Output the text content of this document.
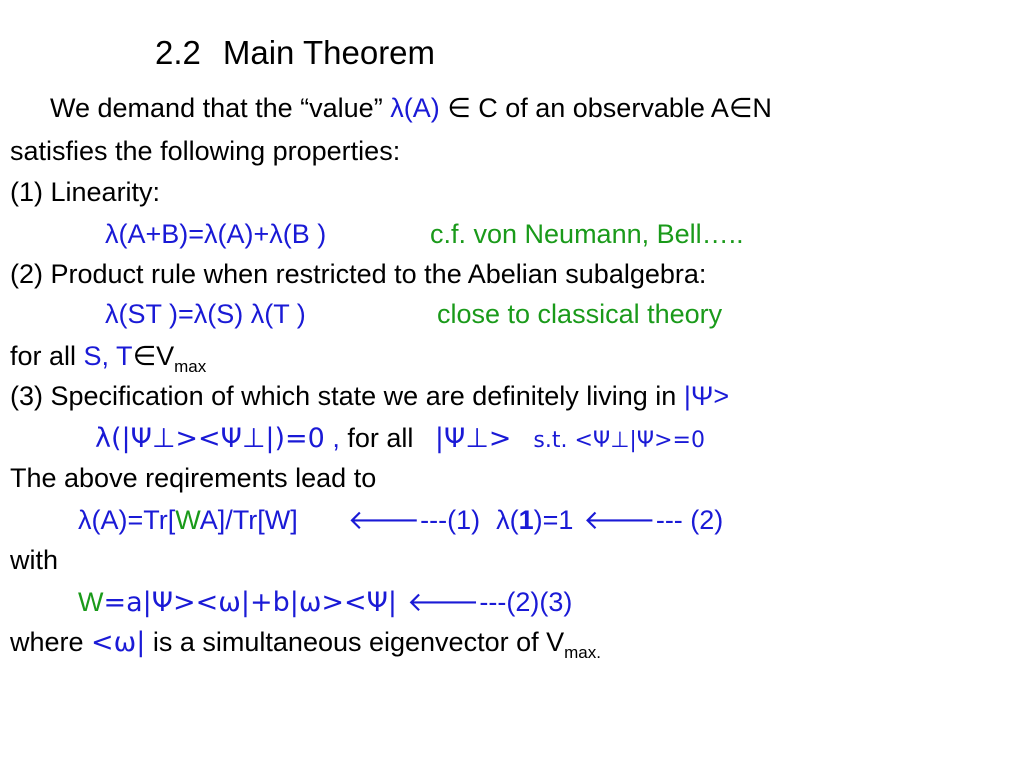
2.2 Main Theorem
We demand that the “value” λ(A) ∈ C of an observable A∈N
satisfies the following properties:
(1) Linearity:
λ(A+B)=λ(A)+λ(B )	c.f. von Neumann, Bell…..
(2) Product rule when restricted to the Abelian subalgebra:
λ(ST )=λ(S) λ(T )	close to classical theory
for all S, $T\in V_{max}$
(3) Specification of which state we are definitely living in |Ψ>
λ(|Ψ⊥><Ψ⊥|)=0 , for all |Ψ⊥> s.t. <Ψ⊥|Ψ>=0
The above reqirements lead to
λ(A)=Tr[WA]/Tr[W] 🡐---(1) λ(1)=1 🡐--- (2)
with
W=a|Ψ><ω|+b|ω><Ψ| 🡐---(2)(3)
where <ω| is a simultaneous eigenvector of $V_{max.}$
